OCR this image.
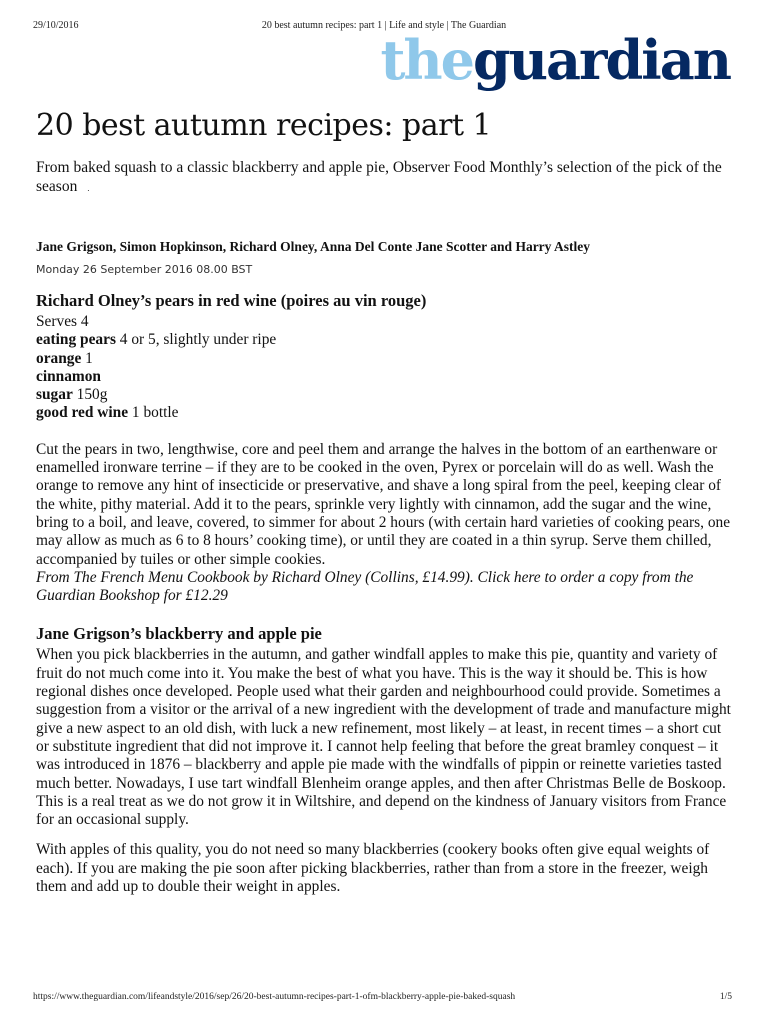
29/10/2016	20 best autumn recipes: part 1 | Life and style | The Guardian
theguardian
20 best autumn recipes: part 1

From baked squash to a classic blackberry and apple pie, Observer Food Monthly’s selection of the pick of the season .

Jane Grigson, Simon Hopkinson, Richard Olney, Anna Del Conte Jane Scotter and Harry Astley

Monday 26 September 2016 08.00 BST

Richard Olney’s pears in red wine (poires au vin rouge)

Serves 4

eating pears 4 or 5, slightly under ripe

orange 1

cinnamon

sugar 150g

good red wine 1 bottle

Cut the pears in two, lengthwise, core and peel them and arrange the halves in the bottom of an earthenware or enamelled ironware terrine – if they are to be cooked in the oven, Pyrex or porcelain will do as well. Wash the orange to remove any hint of insecticide or preservative, and shave a long spiral from the peel, keeping clear of the white, pithy material. Add it to the pears, sprinkle very lightly with cinnamon, add the sugar and the wine, bring to a boil, and leave, covered, to simmer for about 2 hours (with certain hard varieties of cooking pears, one may allow as much as 6 to 8 hours’ cooking time), or until they are coated in a thin syrup. Serve them chilled, accompanied by tuiles or other simple cookies.

From The French Menu Cookbook by Richard Olney (Collins, £14.99). Click here to order a copy from the Guardian Bookshop for £12.29

Jane Grigson’s blackberry and apple pie

When you pick blackberries in the autumn, and gather windfall apples to make this pie, quantity and variety of fruit do not much come into it. You make the best of what you have. This is the way it should be. This is how regional dishes once developed. People used what their garden and neighbourhood could provide. Sometimes a suggestion from a visitor or the arrival of a new ingredient with the development of trade and manufacture might give a new aspect to an old dish, with luck a new refinement, most likely – at least, in recent times – a short cut or substitute ingredient that did not improve it. I cannot help feeling that before the great bramley conquest – it was introduced in 1876 – blackberry and apple pie made with the windfalls of pippin or reinette varieties tasted much better. Nowadays, I use tart windfall Blenheim orange apples, and then after Christmas Belle de Boskoop. This is a real treat as we do not grow it in Wiltshire, and depend on the kindness of January visitors from France for an occasional supply.

With apples of this quality, you do not need so many blackberries (cookery books often give equal weights of each). If you are making the pie soon after picking blackberries, rather than from a store in the freezer, weigh them and add up to double their weight in apples.

https://www.theguardian.com/lifeandstyle/2016/sep/26/20-best-autumn-recipes-part-1-ofm-blackberry-apple-pie-baked-squash	1/5
